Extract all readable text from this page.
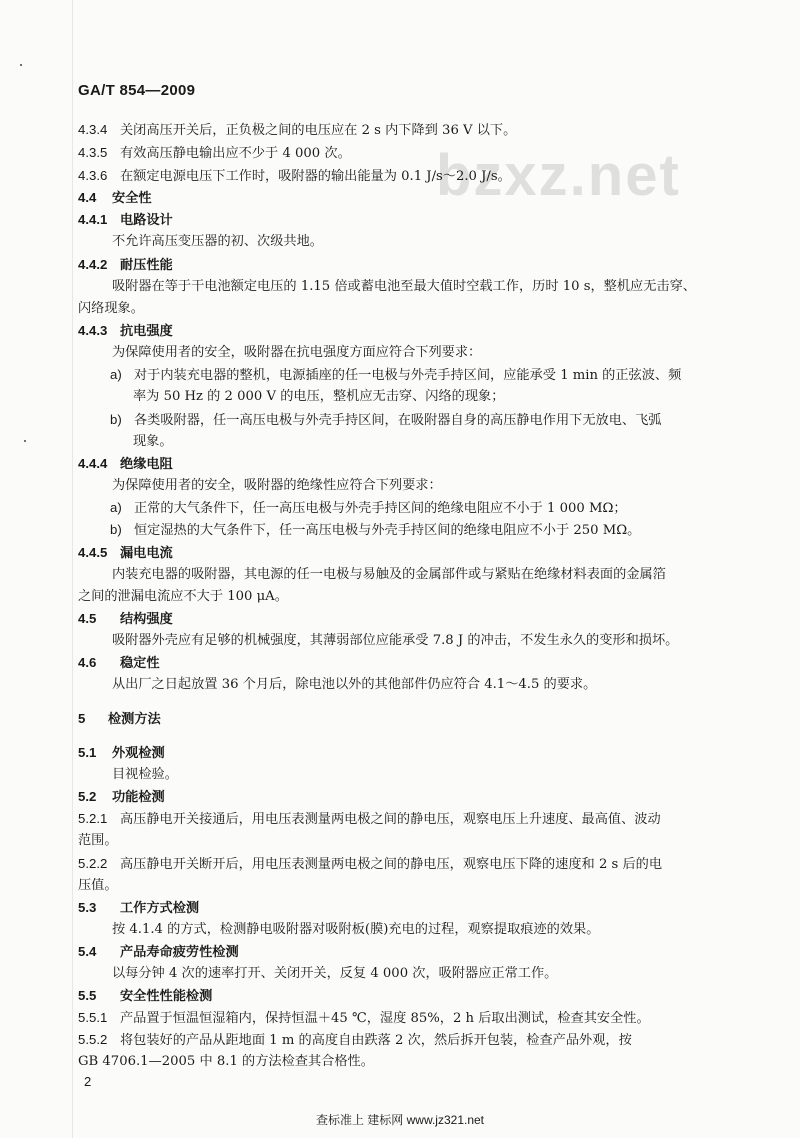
bzxz.net
GA/T 854—2009
4.3.4 关闭高压开关后，正负极之间的电压应在 2 s 内下降到 36 V 以下。
4.3.5 有效高压静电输出应不少于 4 000 次。
4.3.6 在额定电源电压下工作时，吸附器的输出能量为 0.1 J/s～2.0 J/s。
4.4 安全性
4.4.1 电路设计
不允许高压变压器的初、次级共地。
4.4.2 耐压性能
吸附器在等于干电池额定电压的 1.15 倍或蓄电池至最大值时空载工作，历时 10 s，整机应无击穿、
闪络现象。
4.4.3 抗电强度
为保障使用者的安全，吸附器在抗电强度方面应符合下列要求：
a) 对于内装充电器的整机，电源插座的任一电极与外壳手持区间，应能承受 1 min 的正弦波、频
率为 50 Hz 的 2 000 V 的电压，整机应无击穿、闪络的现象；
b) 各类吸附器，任一高压电极与外壳手持区间，在吸附器自身的高压静电作用下无放电、飞弧
现象。
4.4.4 绝缘电阻
为保障使用者的安全，吸附器的绝缘性应符合下列要求：
a) 正常的大气条件下，任一高压电极与外壳手持区间的绝缘电阻应不小于 1 000 MΩ；
b) 恒定湿热的大气条件下，任一高压电极与外壳手持区间的绝缘电阻应不小于 250 MΩ。
4.4.5 漏电电流
内装充电器的吸附器，其电源的任一电极与易触及的金属部件或与紧贴在绝缘材料表面的金属箔
之间的泄漏电流应不大于 100 μA。
4.5 结构强度
吸附器外壳应有足够的机械强度，其薄弱部位应能承受 7.8 J 的冲击，不发生永久的变形和损坏。
4.6 稳定性
从出厂之日起放置 36 个月后，除电池以外的其他部件仍应符合 4.1～4.5 的要求。
5 检测方法
5.1 外观检测
目视检验。
5.2 功能检测
5.2.1 高压静电开关接通后，用电压表测量两电极之间的静电压，观察电压上升速度、最高值、波动
范围。
5.2.2 高压静电开关断开后，用电压表测量两电极之间的静电压，观察电压下降的速度和 2 s 后的电
压值。
5.3 工作方式检测
按 4.1.4 的方式，检测静电吸附器对吸附板(膜)充电的过程，观察提取痕迹的效果。
5.4 产品寿命疲劳性检测
以每分钟 4 次的速率打开、关闭开关，反复 4 000 次，吸附器应正常工作。
5.5 安全性性能检测
5.5.1 产品置于恒温恒湿箱内，保持恒温＋45 ℃，湿度 85%，2 h 后取出测试，检查其安全性。
5.5.2 将包装好的产品从距地面 1 m 的高度自由跌落 2 次，然后拆开包装，检查产品外观，按
GB 4706.1—2005 中 8.1 的方法检查其合格性。
2
查标准上 建标网 www.jz321.net
